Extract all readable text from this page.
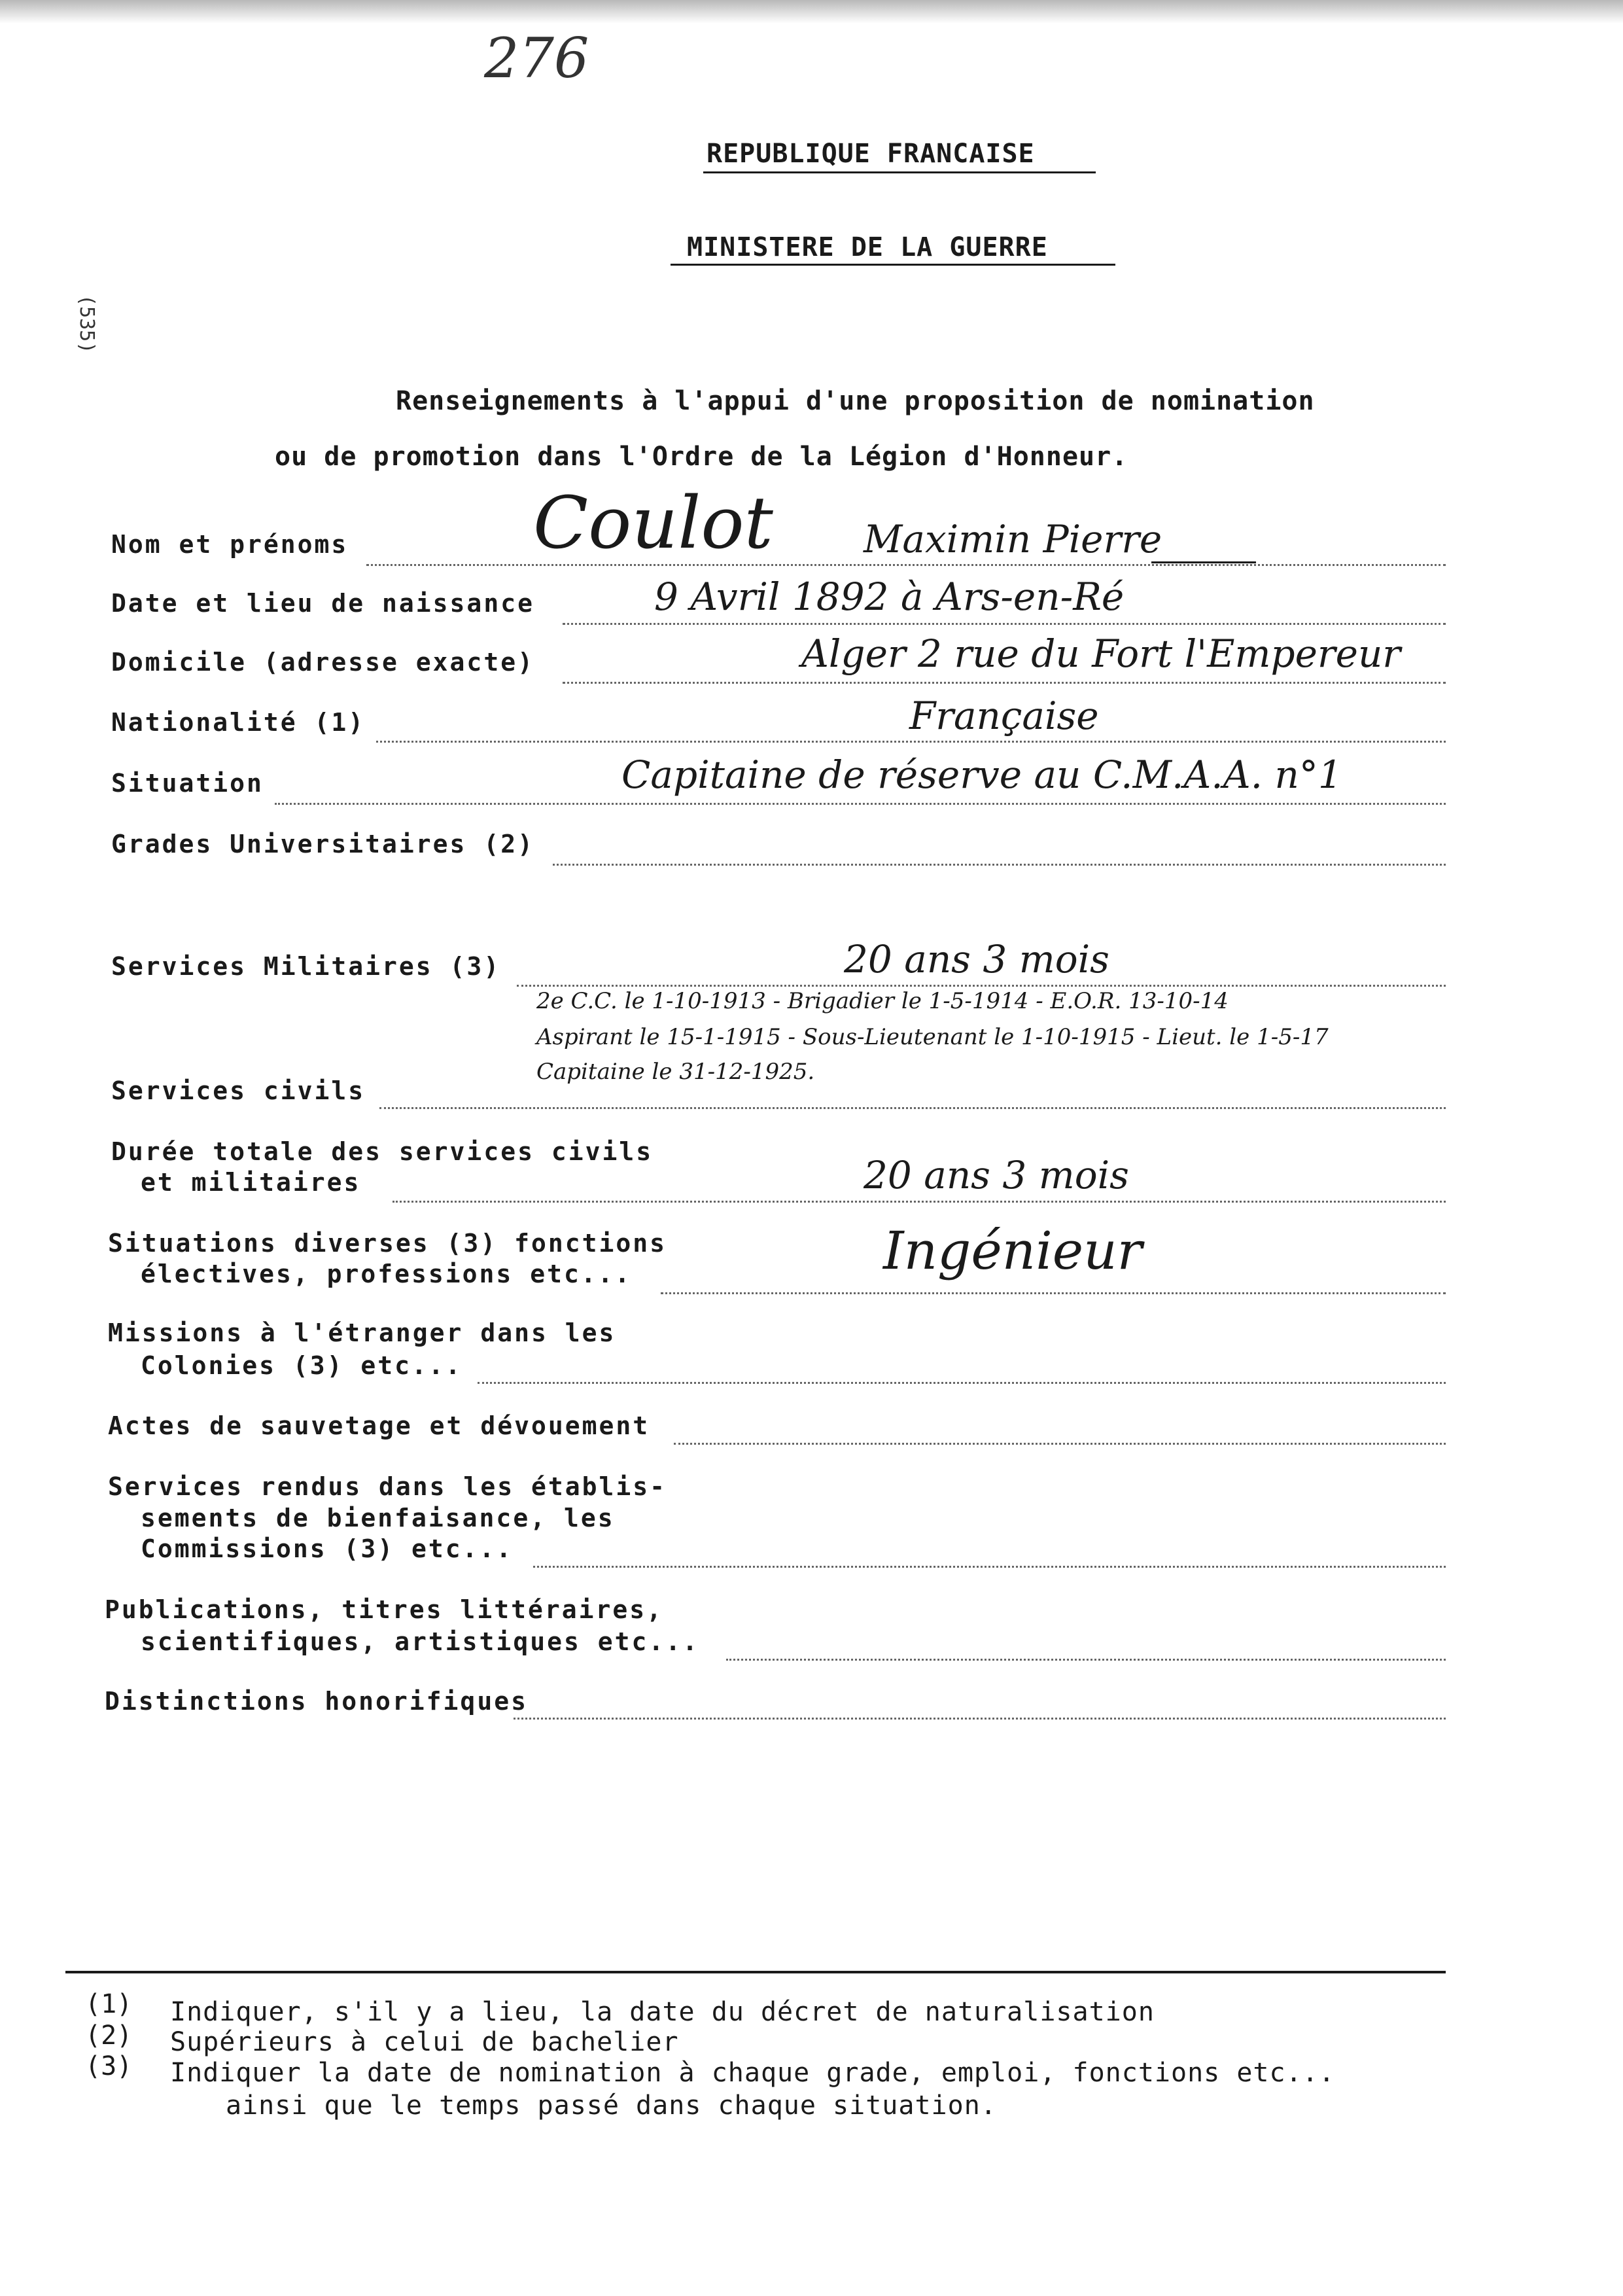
276
(535)
REPUBLIQUE FRANCAISE
MINISTERE DE LA GUERRE
Renseignements à l'appui d'une proposition de nomination
ou de promotion dans l'Ordre de la Légion d'Honneur.
Nom et prénoms	Coulot Maximin Pierre
Date et lieu de naissance	9 Avril 1892 à Ars-en-Ré
Domicile (adresse exacte)	Alger 2 rue du Fort l'Empereur
Nationalité (1)	Française
Situation	Capitaine de réserve au C.M.A.A. n°1
Grades Universitaires (2)
Services Militaires (3)	20 ans 3 mois
2e C.C. le 1-10-1913 - Brigadier le 1-5-1914 - E.O.R. 13-10-14
Aspirant le 15-1-1915 - Sous-Lieutenant le 1-10-1915 - Lieut. le 1-5-17
Capitaine le 31-12-1925.
Services civils
Durée totale des services civils
et militaires	20 ans 3 mois
Situations diverses (3) fonctions
électives, professions etc...	Ingénieur
Missions à l'étranger dans les
Colonies (3) etc...
Actes de sauvetage et dévouement
Services rendus dans les établis-
sements de bienfaisance, les
Commissions (3) etc...
Publications, titres littéraires,
scientifiques, artistiques etc...
Distinctions honorifiques
(1) Indiquer, s'il y a lieu, la date du décret de naturalisation
(2) Supérieurs à celui de bachelier
(3) Indiquer la date de nomination à chaque grade, emploi, fonctions etc...
ainsi que le temps passé dans chaque situation.
